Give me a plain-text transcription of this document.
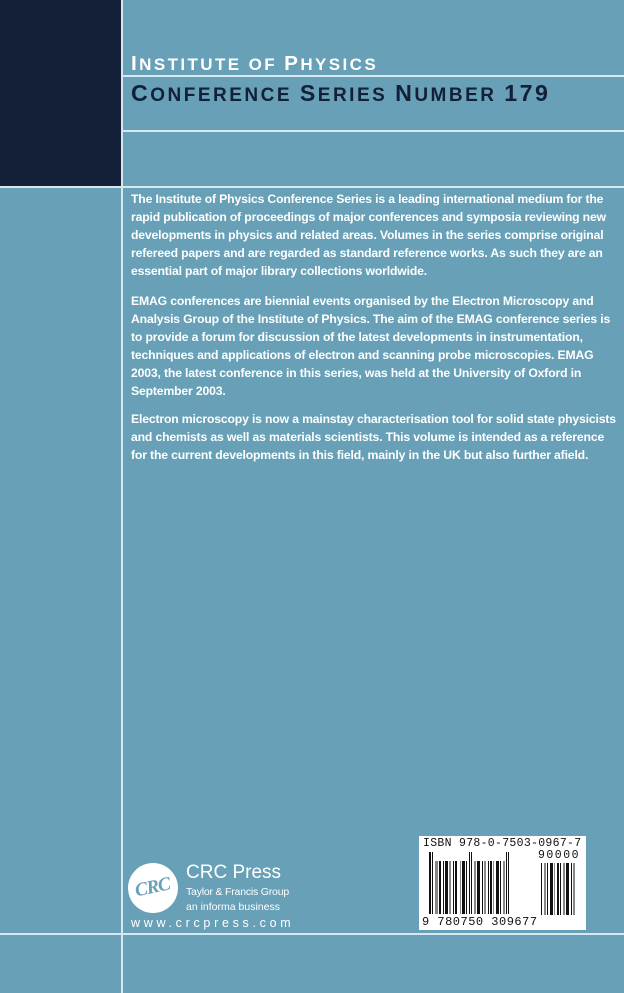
INSTITUTE OF PHYSICS
CONFERENCE SERIES NUMBER 179

The Institute of Physics Conference Series is a leading international medium for the rapid publication of proceedings of major conferences and symposia reviewing new developments in physics and related areas. Volumes in the series comprise original refereed papers and are regarded as standard reference works. As such they are an essential part of major library collections worldwide.

EMAG conferences are biennial events organised by the Electron Microscopy and Analysis Group of the Institute of Physics. The aim of the EMAG conference series is to provide a forum for discussion of the latest developments in instrumentation, techniques and applications of electron and scanning probe microscopies. EMAG 2003, the latest conference in this series, was held at the University of Oxford in September 2003.

Electron microscopy is now a mainstay characterisation tool for solid state physicists and chemists as well as materials scientists. This volume is intended as a reference for the current developments in this field, mainly in the UK but also further afield.

CRC
CRC Press
Taylor & Francis Group
an informa business
www.crcpress.com
ISBN 978-0-7503-0967-7
90000
9 780750 309677
